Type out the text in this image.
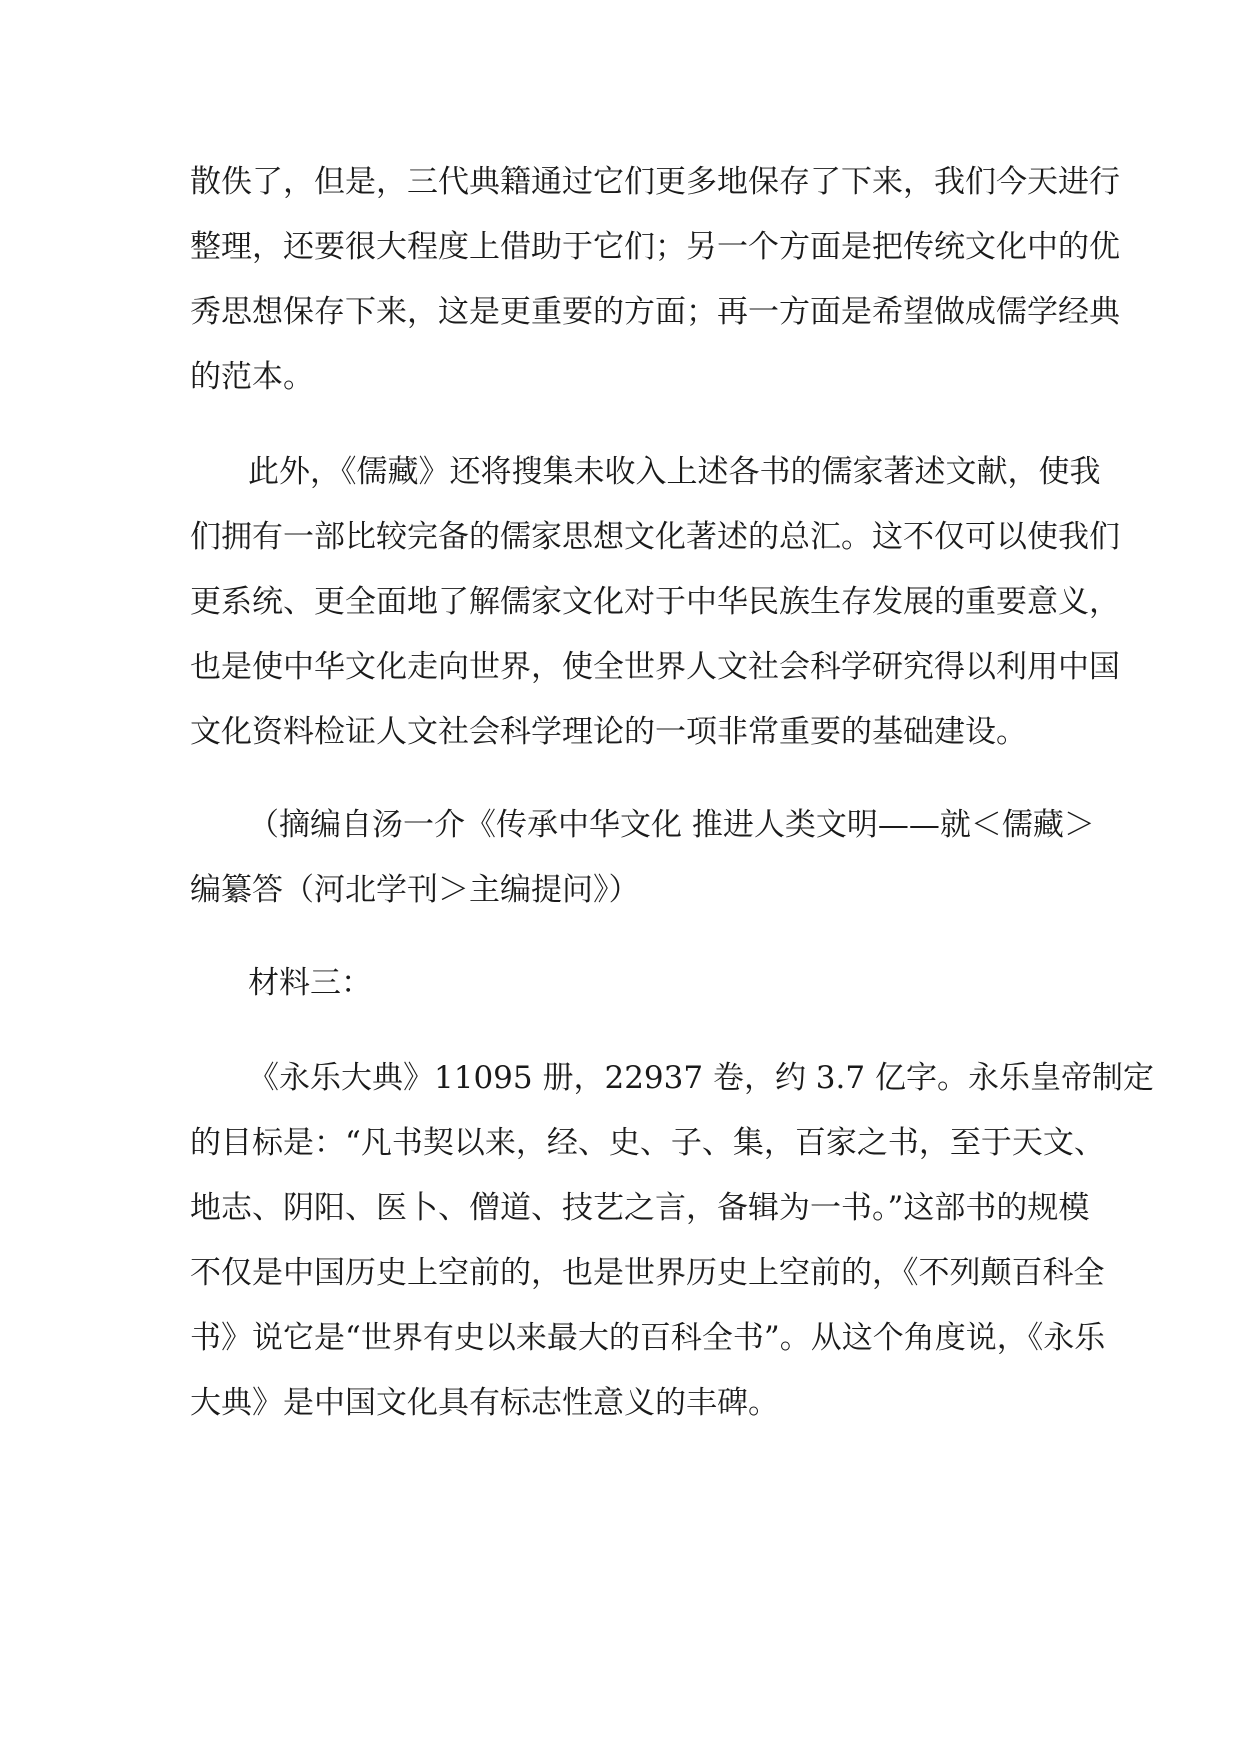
散佚了，但是，三代典籍通过它们更多地保存了下来，我们今天进行
整理，还要很大程度上借助于它们；另一个方面是把传统文化中的优
秀思想保存下来，这是更重要的方面；再一方面是希望做成儒学经典
的范本。
此外，《儒藏》还将搜集未收入上述各书的儒家著述文献，使我
们拥有一部比较完备的儒家思想文化著述的总汇。这不仅可以使我们
更系统、更全面地了解儒家文化对于中华民族生存发展的重要意义，
也是使中华文化走向世界，使全世界人文社会科学研究得以利用中国
文化资料检证人文社会科学理论的一项非常重要的基础建设。
（摘编自汤一介《传承中华文化 推进人类文明——就＜儒藏＞
编纂答（河北学刊＞主编提问》）
材料三：
《永乐大典》11095 册，22937 卷，约 3.7 亿字。永乐皇帝制定
的目标是：“凡书契以来，经、史、子、集，百家之书，至于天文、
地志、阴阳、医卜、僧道、技艺之言，备辑为一书。”这部书的规模
不仅是中国历史上空前的，也是世界历史上空前的，《不列颠百科全
书》说它是“世界有史以来最大的百科全书”。从这个角度说，《永乐
大典》是中国文化具有标志性意义的丰碑。
